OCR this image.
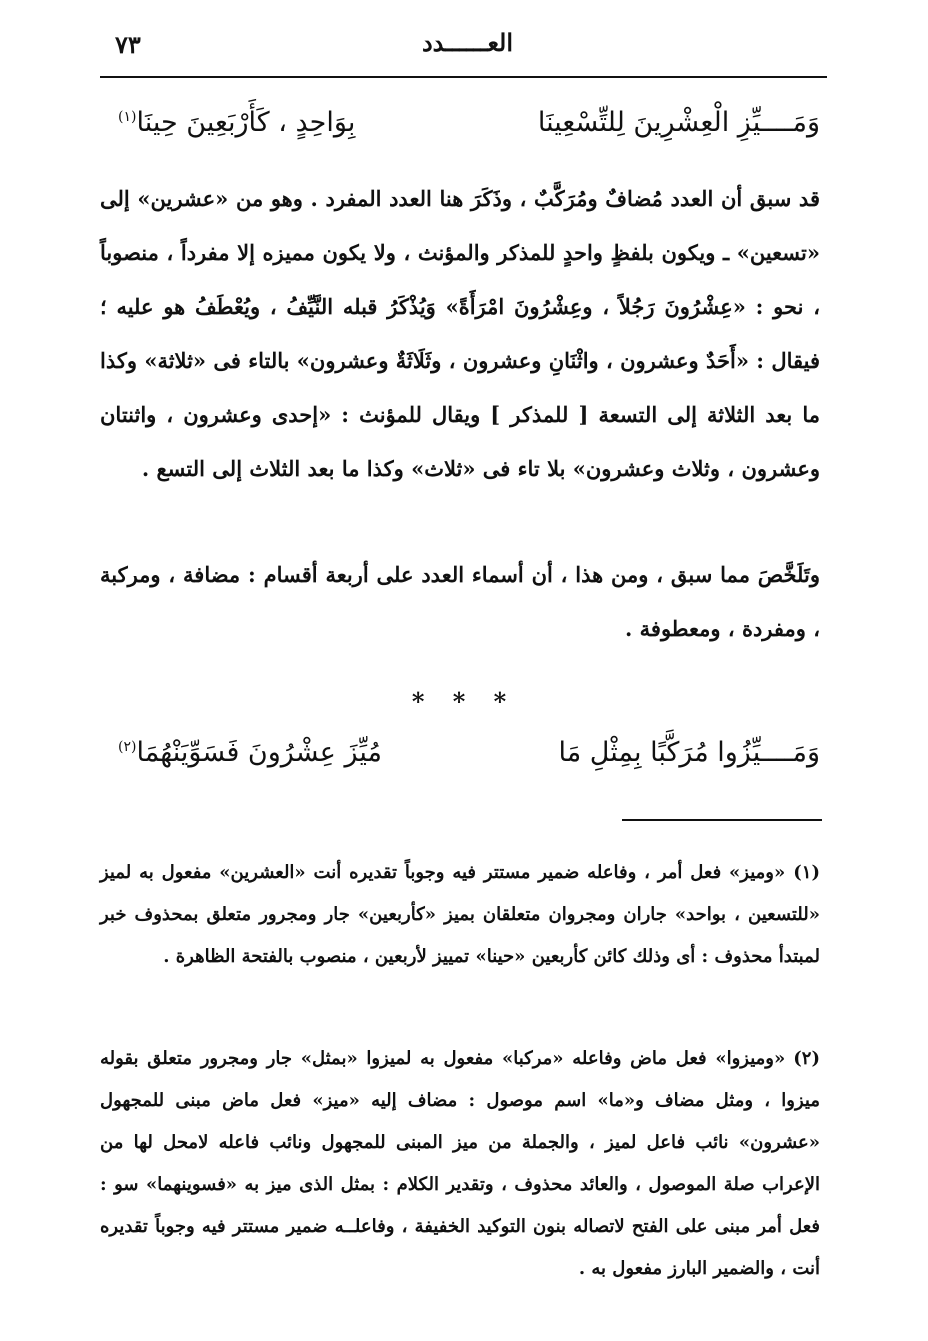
٧٣	العــــــدد
وَمَــــيِّزِ الْعِشْرِينَ لِلتِّسْعِينَا
بِوَاحِدٍ ، كَأَرْبَعِينَ حِينَا$^{(١)}$
قد سبق أن العدد مُضافٌ ومُرَكَّبٌ ، وذَكَرَ هنا العدد المفرد . وهو من «عشرين» إلى «تسعين» ـ ويكون بلفظٍ واحدٍ للمذكر والمؤنث ، ولا يكون مميزه إلا مفرداً ، منصوباً ، نحو : «عِشْرُونَ رَجُلاً ، وعِشْرُونَ امْرَأَةً» وَيُذْكَرُ قبله النَّيِّفُ ، ويُعْطَفُ هو عليه ؛ فيقال : «أَحَدٌ وعشرون ، واثْنَانِ وعشرون ، وثَلَاثَةٌ وعشرون» بالتاء فى «ثلاثة» وكذا ما بعد الثلاثة إلى التسعة [ للمذكر ] ويقال للمؤنث : «إحدى وعشرون ، واثنتان وعشرون ، وثلاث وعشرون» بلا تاء فى «ثلاث» وكذا ما بعد الثلاث إلى التسع .
وتَلَخَّصَ مما سبق ، ومن هذا ، أن أسماء العدد على أربعة أقسام : مضافة ، ومركبة ، ومفردة ، ومعطوفة .
* * *
وَمَــــيِّزُوا مُرَكَّبًا بِمِثْلِ مَا
مُيِّزَ عِشْرُونَ فَسَوِّيَنْهُمَا$^{(٢)}$
(١)«وميز» فعل أمر ، وفاعله ضمير مستتر فيه وجوباً تقديره أنت «العشرين» مفعول به لميز «للتسعين ، بواحد» جاران ومجروان متعلقان بميز «كأربعين» جار ومجرور متعلق بمحذوف خبر لمبتدأ محذوف : أى وذلك كائن كأربعين «حينا» تمييز لأربعين ، منصوب بالفتحة الظاهرة .
(٢)«وميزوا» فعل ماض وفاعله «مركبا» مفعول به لميزوا «بمثل» جار ومجرور متعلق بقوله ميزوا ، ومثل مضاف و«ما» اسم موصول : مضاف إليه «ميز» فعل ماض مبنى للمجهول «عشرون» نائب فاعل لميز ، والجملة من ميز المبنى للمجهول ونائب فاعله لامحل لها من الإعراب صلة الموصول ، والعائد محذوف ، وتقدير الكلام : بمثل الذى ميز به «فسوينهما» سو : فعل أمر مبنى على الفتح لاتصاله بنون التوكيد الخفيفة ، وفاعلــه ضمير مستتر فيه وجوباً تقديره أنت ، والضمير البارز مفعول به .
